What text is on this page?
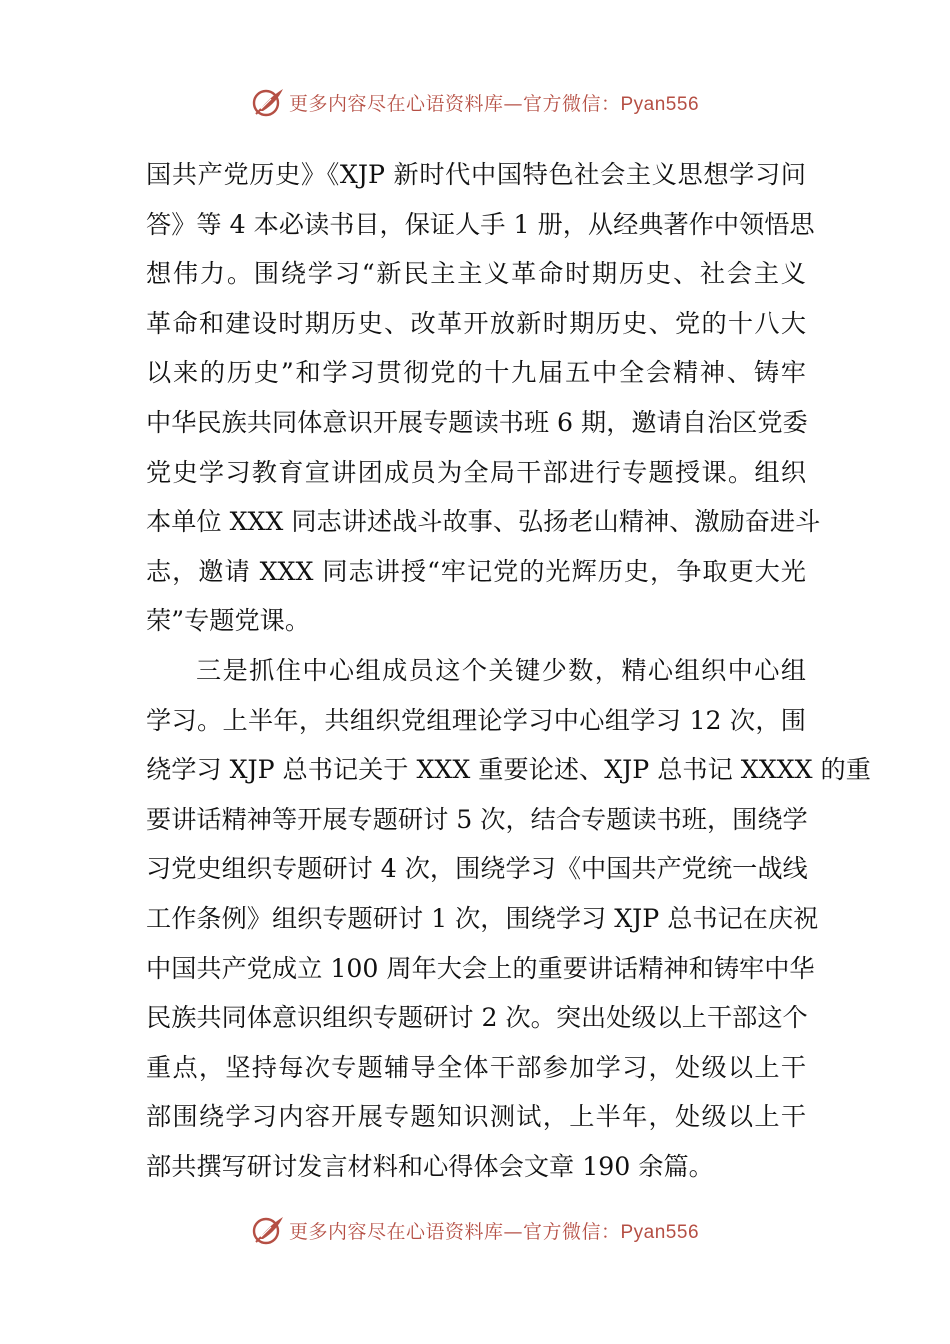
更多内容尽在心语资料库—官方微信：Pyan556
国共产党历史》《XJP 新时代中国特色社会主义思想学习问
答》等 4 本必读书目，保证人手 1 册，从经典著作中领悟思
想伟力。围绕学习“新民主主义革命时期历史、社会主义
革命和建设时期历史、改革开放新时期历史、党的十八大
以来的历史”和学习贯彻党的十九届五中全会精神、铸牢
中华民族共同体意识开展专题读书班 6 期，邀请自治区党委
党史学习教育宣讲团成员为全局干部进行专题授课。组织
本单位 XXX 同志讲述战斗故事、弘扬老山精神、激励奋进斗
志，邀请 XXX 同志讲授“牢记党的光辉历史，争取更大光
荣”专题党课。
三是抓住中心组成员这个关键少数，精心组织中心组
学习。上半年，共组织党组理论学习中心组学习 12 次，围
绕学习 XJP 总书记关于 XXX 重要论述、XJP 总书记 XXXX 的重
要讲话精神等开展专题研讨 5 次，结合专题读书班，围绕学
习党史组织专题研讨 4 次，围绕学习《中国共产党统一战线
工作条例》组织专题研讨 1 次，围绕学习 XJP 总书记在庆祝
中国共产党成立 100 周年大会上的重要讲话精神和铸牢中华
民族共同体意识组织专题研讨 2 次。突出处级以上干部这个
重点，坚持每次专题辅导全体干部参加学习，处级以上干
部围绕学习内容开展专题知识测试，上半年，处级以上干
部共撰写研讨发言材料和心得体会文章 190 余篇。
更多内容尽在心语资料库—官方微信：Pyan556
